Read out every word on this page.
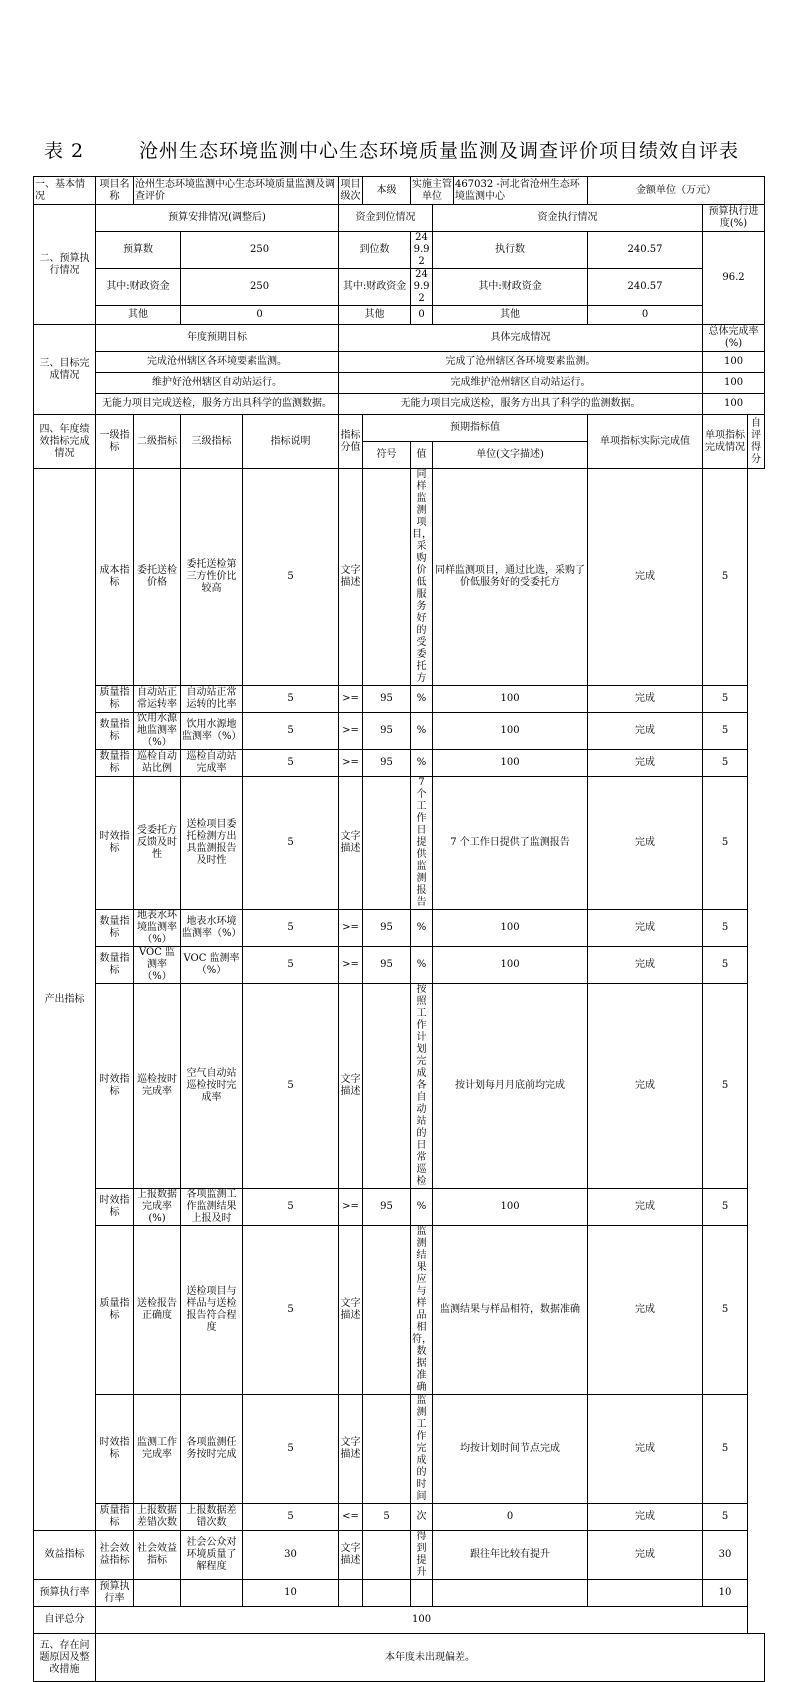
表 2	沧州生态环境监测中心生态环境质量监测及调查评价项目绩效自评表
一、基本情况	项目名称	沧州生态环境监测中心生态环境质量监测及调查评价	项目级次	本级	
实施主管单位	467032 -河北省沧州生态环境监测中心
	金额单位（万元）
二、预算执行情况	预算安排情况(调整后)	资金到位情况	资金执行情况	预算执行进度(%)
预算数	250	到位数	249.92	执行数	240.57	96.2
其中:财政资金	250	其中:财政资金	249.92	其中:财政资金	240.57
其他	0	其他	0	其他	0
三、目标完成情况	年度预期目标	具体完成情况	总体完成率(%)
完成沧州辖区各环境要素监测。	完成了沧州辖区各环境要素监测。	100
维护好沧州辖区自动站运行。	完成维护沧州辖区自动站运行。	100
无能力项目完成送检，服务方出具科学的监测数据。	无能力项目完成送检，服务方出具了科学的监测数据。	100
四、年度绩效指标完成情况	一级指标	二级指标	三级指标	指标说明	指标分值	预期指标值	单项指标实际完成值	单项指标完成情况	自评得分
符号	值	单位(文字描述)
产出指标	成本指标	委托送检价格	委托送检第三方性价比较高	5	文字描述		同样监测项目，采购价低服务好的受委托方	同样监测项目，通过比选，采购了价低服务好的受委托方	完成	5
质量指标	自动站正常运转率	自动站正常运转的比率	5	>=	95	%	100	完成	5
数量指标	饮用水源地监测率（%）	饮用水源地监测率（%）	5	>=	95	%	100	完成	5
数量指标	巡检自动站比例	巡检自动站完成率	5	>=	95	%	100	完成	5
时效指标	受委托方反馈及时性	送检项目委托检测方出具监测报告及时性	5	文字描述		7 个工作日提供监测报告	7 个工作日提供了监测报告	完成	5
数量指标	地表水环境监测率（%）	地表水环境监测率（%）	5	>=	95	%	100	完成	5
数量指标	VOC 监测率（%）	VOC 监测率（%）	5	>=	95	%	100	完成	5
时效指标	巡检按时完成率	空气自动站巡检按时完成率	5	文字描述		按照工作计划完成各自动站的日常巡检	按计划每月月底前均完成	完成	5
时效指标	上报数据完成率(%)	各项监测工作监测结果上报及时	5	>=	95	%	100	完成	5
质量指标	送检报告正确度	送检项目与样品与送检报告符合程度	5	文字描述		监测结果应与样品相符，数据准确	监测结果与样品相符，数据准确	完成	5
时效指标	监测工作完成率	各项监测任务按时完成	5	文字描述		监测工作完成的时间	均按计划时间节点完成	完成	5
质量指标	上报数据差错次数	上报数据差错次数	5	<=	5	次	0	完成	5
效益指标	社会效益指标	社会效益指标	社会公众对环境质量了解程度	30	文字描述		得到提升	跟往年比较有提升	完成	30
预算执行率	预算执行率			10						10
自评总分	100
五、存在问题原因及整改措施	本年度未出现偏差。
